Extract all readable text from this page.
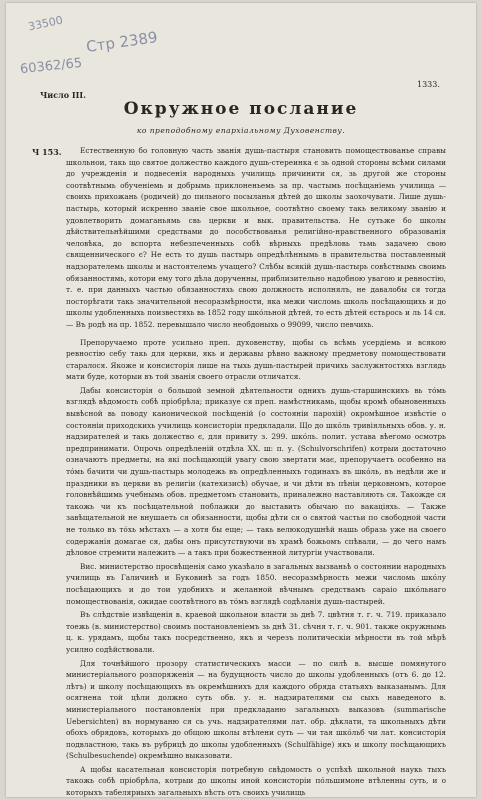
33500
Стр 2389
60362/65
Число III.
1333.
Окружное послание
ко преподобному епархіальному Духовенству.
Ч 153.	Естественную бо головную часть званія душь-пастыря становить помоществованье справы школьнои, такь що святое должество каждого душь-стереинка є зь одной стороны всѣми силами до учрежденія и подвесенія народныхь училищь причинити ся, зь другой же стороны соотвѣтнымь обученіемь и добрымь приклоненьемь за пр. частымь посѣщаніемь училища — своихь прихожань (родичей) до пильного посыланья дѣтей до школы заохочувати. Лише душь-пастырь, который искренно званіе свое школьное, соотвѣтно своему такь великому званію и удовлетворить домаганьямь свь церкви и вык. правительства. Не сутьже бо школы дѣйствительнѣйшими средствами до пособствованья религійно-нравственного образованія человѣка, до вспорта небезпеченныхь собѣ вѣрныхь предѣловь тьмь задачею свою священнического є? Не есть то душь пастырь опредѣлѣннымь в правительства поставленный надзорателемь школы и настоятелемь учащего? Слѣбы всякій душь-пастырь совѣстнымь своимь обязанностямь, котори ему того дѣла дорученны, приблизительно надобною увагою и ревностію, т. е. при данныхъ частью обязанностяхь свою должность исполнялъ, не давалобы ся тогда посторѣгати такь значительной несоразмѣрности, яка межи числомь школь посѣщающихь и до школы удобленныхь поизвестяхь вь 1852 году шкóльной дѣтей, то есть дѣтей єстьрось и ль 14 ся. — Въ родѣ на пр. 1852. перевышало число необдоныхь о 99099, число певчихь.

Препоручаемо проте усильно преп. духовенству, щобы сь всѣмь усердіемь и всякою ревностію себу такь для церкви, якь и державы рѣвно важному предметову помоществовати старалося. Якоже и консисторія лише на тыхь душь-пастырей причихь заслужнтостяхь взглядь мати буде, которыи въ той званія своего отрасли отличатся.

Дабы консисторія о большой земной дѣятельности однихъ душь-старшинскихъ вь тóмь взглядѣ вѣдомость собѣ пріобрѣла; приказуе ся преп. намѣстникамь, щобы кромѣ обыновенныхь вывѣсной вь поводу канонической посѣщеній (о состояніи парохій) окромѣшное извѣстіе о состояніи приходскихь училищь консисторіи предкладали. Що до шкóль тривіяльныхь обов. у. н. надзирателей и такь должество є, для привиту з. 299. шкóль. полит. устава вѣегомо осмотрь предпринимати. Опрочь опредѣленій отдѣла XX. ш: п. у. (Schulvorschrifen) котрыи достаточно означаютъ предметы, на які посѣщающій увагу свою звертати має, препоручаетъ особенно на тóмь бачити чи душь-пастырь молодежь въ опредѣленныхъ годинахъ въ шкóль, въ недѣли же и праздники въ церкви въ религіи (катехизисѣ) обучае, и чи дѣти въ пѣніи церковномъ, которое головнѣйшимь учебнымь обов. предметомъ становить, приналежно наставляють ся. Такожде ся такожь чи къ посѣщательной поблажки до выставить обычаю по вакаціяхь. — Также завѣщательной не внушаеть ся обязанности, щобы дѣти ся о святой частьи по свободной части не только въ тóхь мѣстахъ — а хотя бы еще; — такь велюкодушнѣй нашь образь уже на своего содержанія домагае ся, дабы онъ присутствуючи въ храмѣ божьомъ спѣвали, — до чего намъ дѣловое стремити належить — а такъ при божественной литургіи участвовали.

Вис. министерство просвѣщенія само указѣало в загальных вызваньѣ о состоянии народныхъ училищь въ Галичинѣ и Буковинѣ за годъ 1850. несоразмѣрность межи числомь шкóлу посѣщающихъ и до тои удобнихъ и желанной вѣчнымъ средствамъ сараіо шкóльнаго помоществованія, ожидае соотвѣтного въ тóмъ взглядѣ содѣланія душь-пастырей.

Въ слѣдствіе извѣщенія в. краевой школьнои власти зь днѣ 7. цвѣтня т. г. ч. 719. приказало тоежь (в. министерство) своимъ постановленіемъ зь днѣ 31. сѣчня т. г. ч. 901. также окружнымь ц. к. урядамъ, щобы такъ посредственно, якъ и черезъ политическіи мѣрности въ той мѣрѣ усилно содѣйствовали.

Для точнѣйшого прозору статистическихъ масси — по силѣ в. высше помянутого министеріального розпоряженія — на будущность число до школы удобленныхъ (отъ 6. до 12. лѣтъ) и школу посѣщающихъ въ окремѣшнихъ для каждого обряда статьяхъ выказанымъ. Для осягнена той цѣли должно суть обв. у. н. надзирателями сы сыхъ наведеного в. министеріального постановленія при предкладаню загальныхъ выказовъ (summarische Uebersichten) въ нормуваню ся сь учь. надзирателями лат. обр. дѣклати, та школьныхъ дѣти обохъ обрядовъ, которыхъ до общою школы втѣлени суть — чи тая шкóльб чи лат. консисторія подвластною, такь въ рубрицѣ до школы удобленныхъ (Schulfähige) якъ и школу посѣщающихъ (Schulbesuchende) окремѣшно выказовати.

А щобы касательная консисторія потребную свѣдомость о успѣхѣ школьной наукь тыхъ такожь собѣ пріобрѣла, котрыи до школы иной консисторіи пóльшимоне втѣленны суть, и о которыхъ табеляриыхъ загальныхъ вѣсть отъ своихъ училищь
